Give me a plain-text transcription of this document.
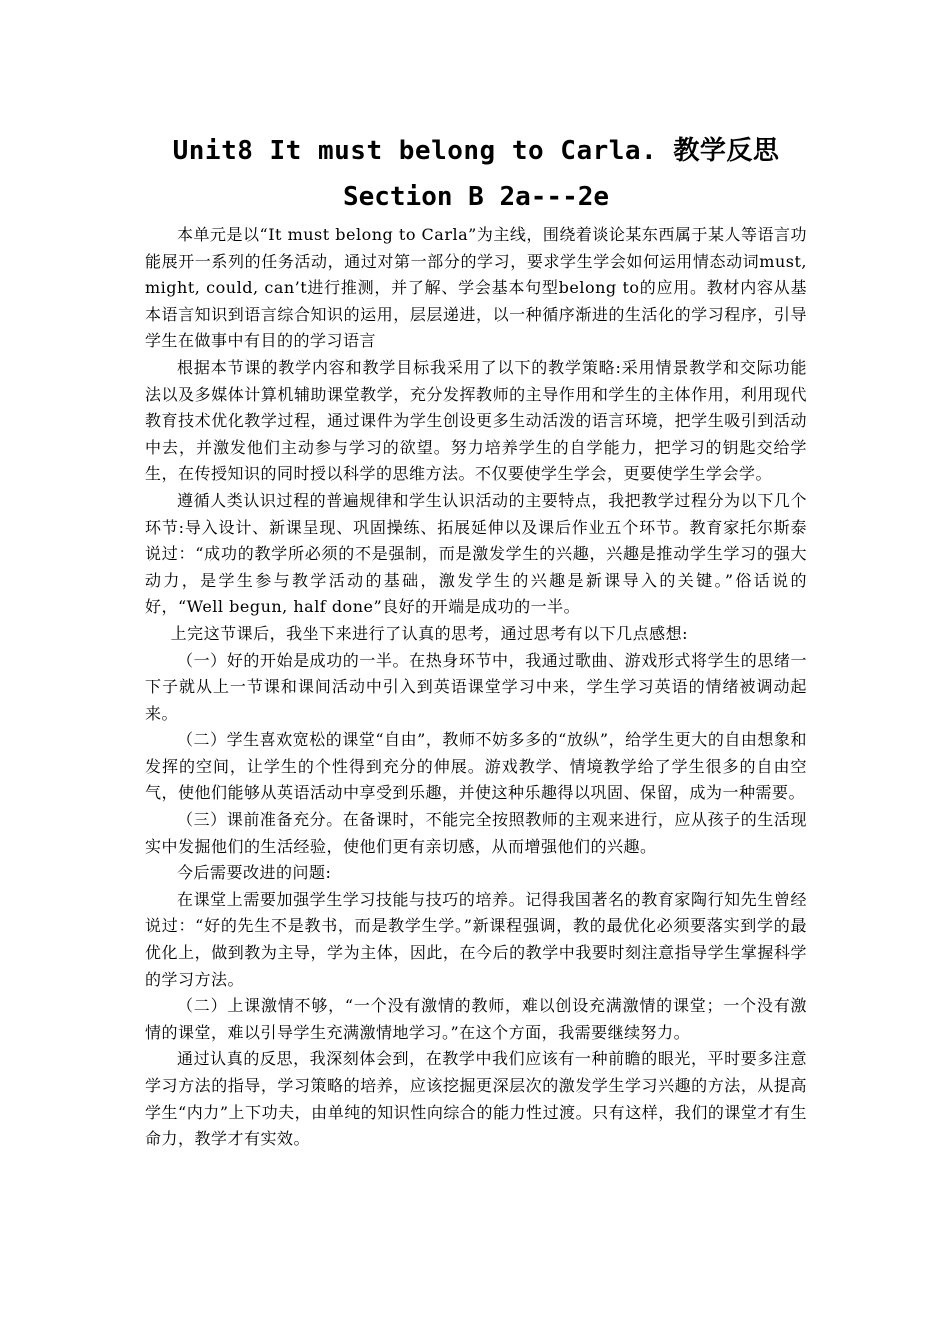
Unit8 It must belong to Carla. 教学反思
Section B 2a---2e

本单元是以“It must belong to Carla”为主线，围绕着谈论某东西属于某人等语言功能展开一系列的任务活动，通过对第一部分的学习，要求学生学会如何运用情态动词must, might, could, can’t进行推测，并了解、学会基本句型belong to的应用。教材内容从基本语言知识到语言综合知识的运用，层层递进，以一种循序渐进的生活化的学习程序，引导学生在做事中有目的的学习语言

根据本节课的教学内容和教学目标我采用了以下的教学策略:采用情景教学和交际功能法以及多媒体计算机辅助课堂教学，充分发挥教师的主导作用和学生的主体作用，利用现代教育技术优化教学过程，通过课件为学生创设更多生动活泼的语言环境，把学生吸引到活动中去，并激发他们主动参与学习的欲望。努力培养学生的自学能力，把学习的钥匙交给学生，在传授知识的同时授以科学的思维方法。不仅要使学生学会，更要使学生学会学。

遵循人类认识过程的普遍规律和学生认识活动的主要特点，我把教学过程分为以下几个环节:导入设计、新课呈现、巩固操练、拓展延伸以及课后作业五个环节。教育家托尔斯泰说过：“成功的教学所必须的不是强制，而是激发学生的兴趣，兴趣是推动学生学习的强大动力，是学生参与教学活动的基础，激发学生的兴趣是新课导入的关键。”俗话说的好，“Well begun, half done”良好的开端是成功的一半。

上完这节课后，我坐下来进行了认真的思考，通过思考有以下几点感想:

（一）好的开始是成功的一半。在热身环节中，我通过歌曲、游戏形式将学生的思绪一下子就从上一节课和课间活动中引入到英语课堂学习中来，学生学习英语的情绪被调动起来。

（二）学生喜欢宽松的课堂“自由”，教师不妨多多的“放纵”，给学生更大的自由想象和发挥的空间，让学生的个性得到充分的伸展。游戏教学、情境教学给了学生很多的自由空气，使他们能够从英语活动中享受到乐趣，并使这种乐趣得以巩固、保留，成为一种需要。

（三）课前准备充分。在备课时，不能完全按照教师的主观来进行，应从孩子的生活现实中发掘他们的生活经验，使他们更有亲切感，从而增强他们的兴趣。

今后需要改进的问题:

在课堂上需要加强学生学习技能与技巧的培养。记得我国著名的教育家陶行知先生曾经说过：“好的先生不是教书，而是教学生学。”新课程强调，教的最优化必须要落实到学的最优化上，做到教为主导，学为主体，因此，在今后的教学中我要时刻注意指导学生掌握科学的学习方法。

（二）上课激情不够，“一个没有激情的教师，难以创设充满激情的课堂；一个没有激情的课堂，难以引导学生充满激情地学习。”在这个方面，我需要继续努力。

通过认真的反思，我深刻体会到，在教学中我们应该有一种前瞻的眼光，平时要多注意学习方法的指导，学习策略的培养，应该挖掘更深层次的激发学生学习兴趣的方法，从提高学生“内力”上下功夫，由单纯的知识性向综合的能力性过渡。只有这样，我们的课堂才有生命力，教学才有实效。
